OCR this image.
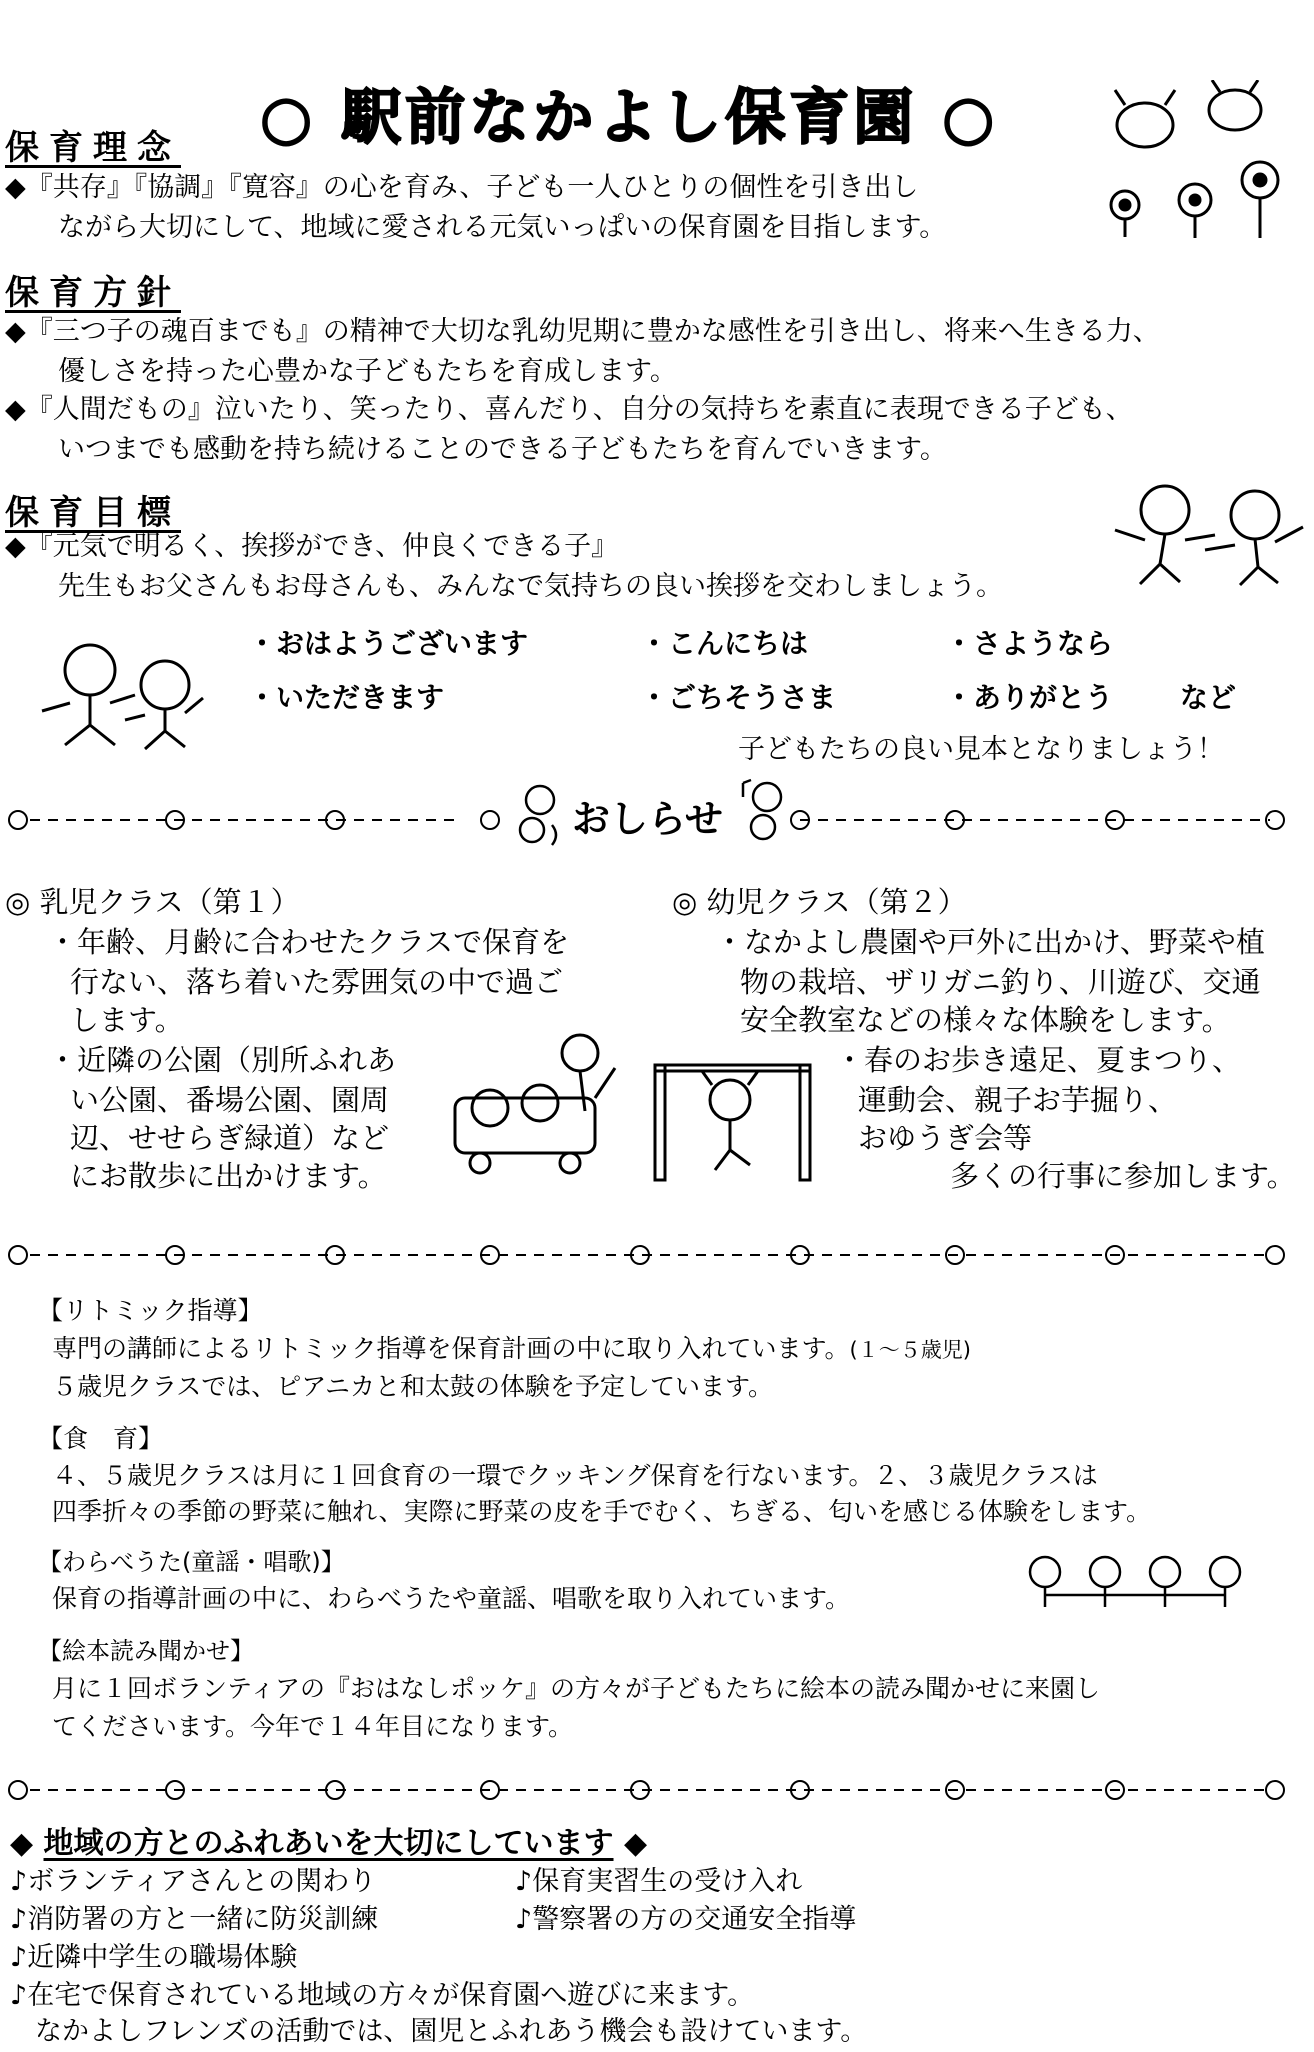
○ 駅前なかよし保育園 ○
保育理念
◆『共存』『協調』『寛容』の心を育み、子ども一人ひとりの個性を引き出し
ながら大切にして、地域に愛される元気いっぱいの保育園を目指します。
保育方針
◆『三つ子の魂百までも』の精神で大切な乳幼児期に豊かな感性を引き出し、将来へ生きる力、
優しさを持った心豊かな子どもたちを育成します。
◆『人間だもの』泣いたり、笑ったり、喜んだり、自分の気持ちを素直に表現できる子ども、
いつまでも感動を持ち続けることのできる子どもたちを育んでいきます。
保育目標
◆『元気で明るく、挨拶ができ、仲良くできる子』
先生もお父さんもお母さんも、みんなで気持ちの良い挨拶を交わしましょう。
・おはようございます	・こんにちは	・さようなら
・いただきます	・ごちそうさま	・ありがとう など
子どもたちの良い見本となりましょう！
おしらせ
◎ 乳児クラス（第１）
・年齢、月齢に合わせたクラスで保育を
行ない、落ち着いた雰囲気の中で過ご
します。
・近隣の公園（別所ふれあ
い公園、番場公園、園周
辺、せせらぎ緑道）など
にお散歩に出かけます。
◎ 幼児クラス（第２）
・なかよし農園や戸外に出かけ、野菜や植
物の栽培、ザリガニ釣り、川遊び、交通
安全教室などの様々な体験をします。
・春のお歩き遠足、夏まつり、
運動会、親子お芋掘り、
おゆうぎ会等
多くの行事に参加します。
【リトミック指導】
専門の講師によるリトミック指導を保育計画の中に取り入れています。(１～５歳児)
５歳児クラスでは、ピアニカと和太鼓の体験を予定しています。
【食　育】
４、５歳児クラスは月に１回食育の一環でクッキング保育を行ないます。２、３歳児クラスは
四季折々の季節の野菜に触れ、実際に野菜の皮を手でむく、ちぎる、匂いを感じる体験をします。
【わらべうた(童謡・唱歌)】
保育の指導計画の中に、わらべうたや童謡、唱歌を取り入れています。
【絵本読み聞かせ】
月に１回ボランティアの『おはなしポッケ』の方々が子どもたちに絵本の読み聞かせに来園し
てくださいます。今年で１４年目になります。
◆ 地域の方とのふれあいを大切にしています ◆
♪ボランティアさんとの関わり	♪保育実習生の受け入れ
♪消防署の方と一緒に防災訓練	♪警察署の方の交通安全指導
♪近隣中学生の職場体験
♪在宅で保育されている地域の方々が保育園へ遊びに来ます。
なかよしフレンズの活動では、園児とふれあう機会も設けています。
